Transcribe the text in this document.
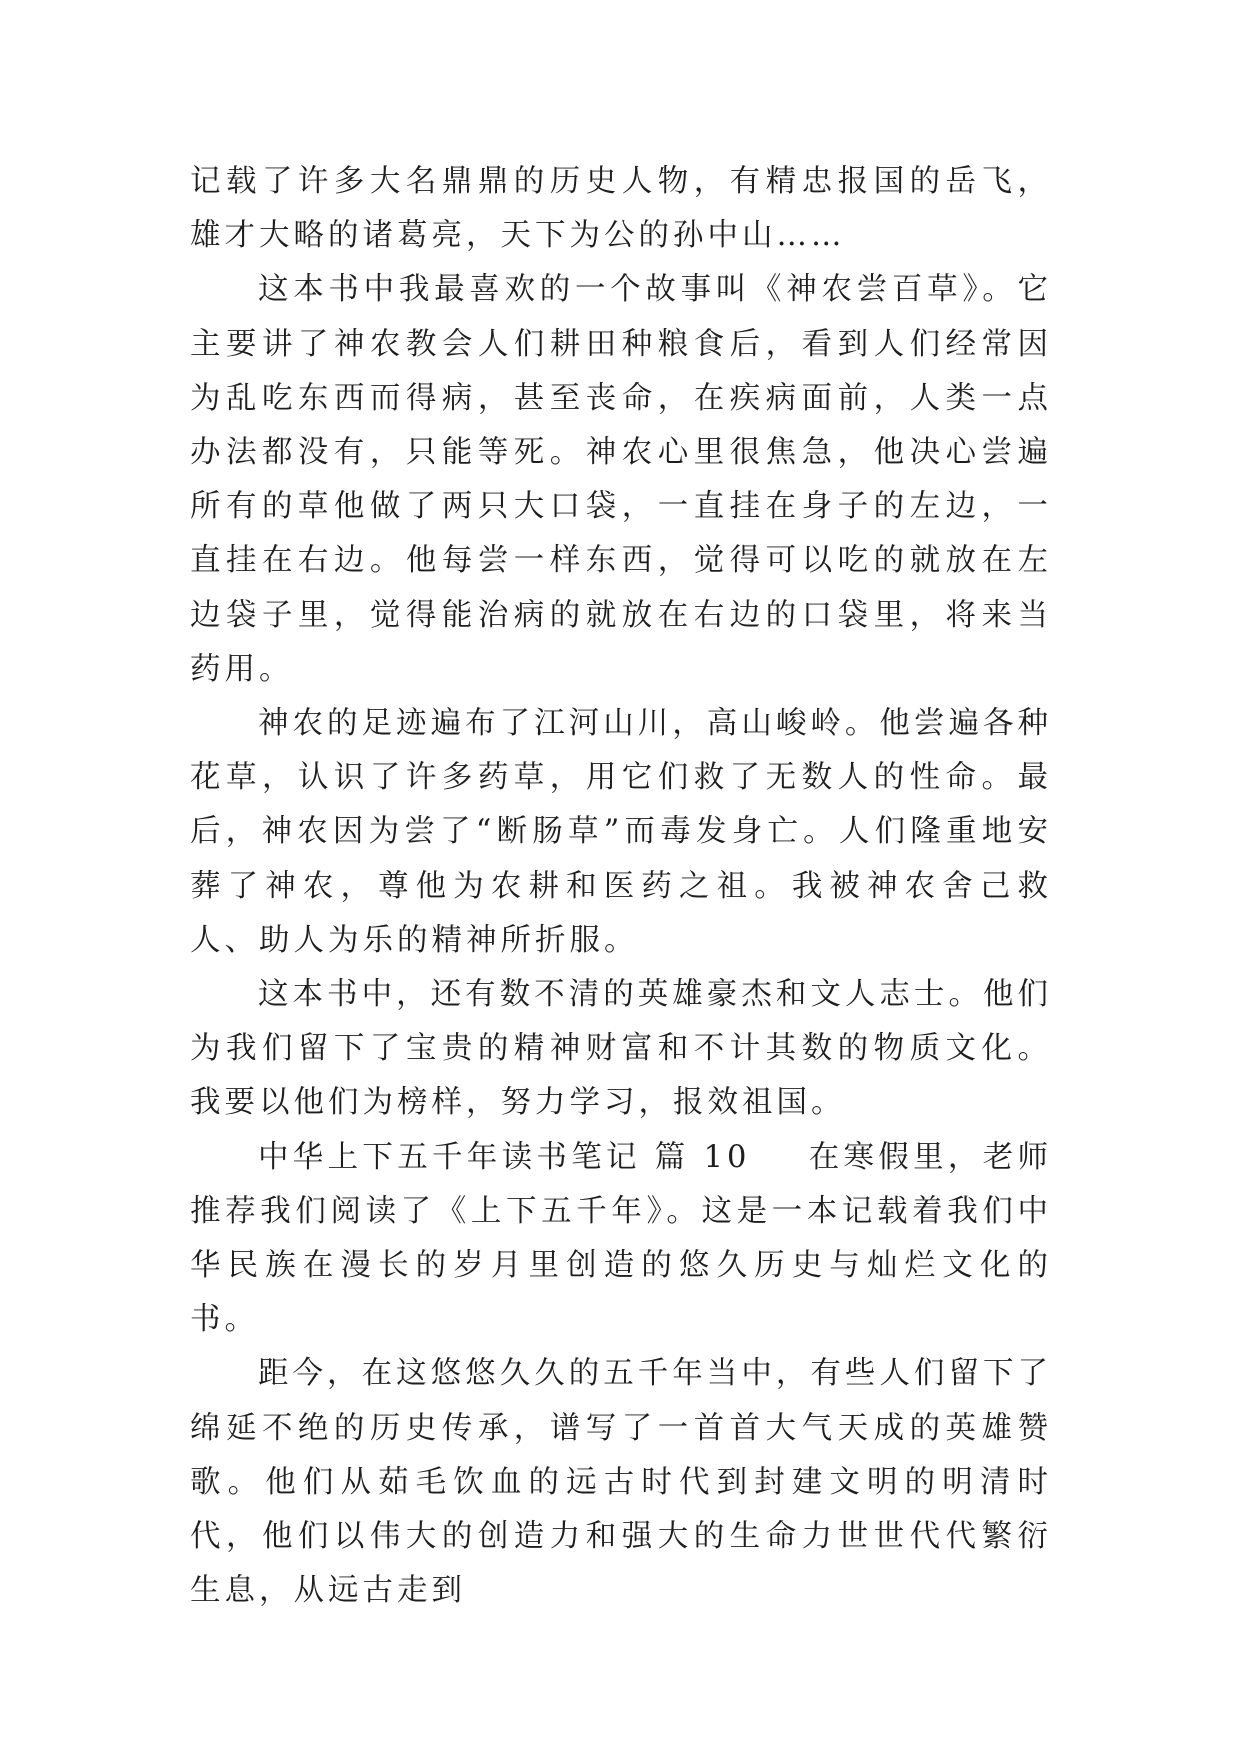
记载了许多大名鼎鼎的历史人物，有精忠报国的岳飞，雄才大略的诸葛亮，天下为公的孙中山……

这本书中我最喜欢的一个故事叫《神农尝百草》。它主要讲了神农教会人们耕田种粮食后，看到人们经常因为乱吃东西而得病，甚至丧命，在疾病面前，人类一点办法都没有，只能等死。神农心里很焦急，他决心尝遍所有的草他做了两只大口袋，一直挂在身子的左边，一直挂在右边。他每尝一样东西，觉得可以吃的就放在左边袋子里，觉得能治病的就放在右边的口袋里，将来当药用。

神农的足迹遍布了江河山川，高山峻岭。他尝遍各种花草，认识了许多药草，用它们救了无数人的性命。最后，神农因为尝了“断肠草”而毒发身亡。人们隆重地安葬了神农，尊他为农耕和医药之祖。我被神农舍己救人、助人为乐的精神所折服。

这本书中，还有数不清的英雄豪杰和文人志士。他们为我们留下了宝贵的精神财富和不计其数的物质文化。我要以他们为榜样，努力学习，报效祖国。

中华上下五千年读书笔记 篇 10 在寒假里，老师推荐我们阅读了《上下五千年》。这是一本记载着我们中华民族在漫长的岁月里创造的悠久历史与灿烂文化的书。

距今，在这悠悠久久的五千年当中，有些人们留下了绵延不绝的历史传承，谱写了一首首大气天成的英雄赞歌。他们从茹毛饮血的远古时代到封建文明的明清时代，他们以伟大的创造力和强大的生命力世世代代繁衍生息，从远古走到
